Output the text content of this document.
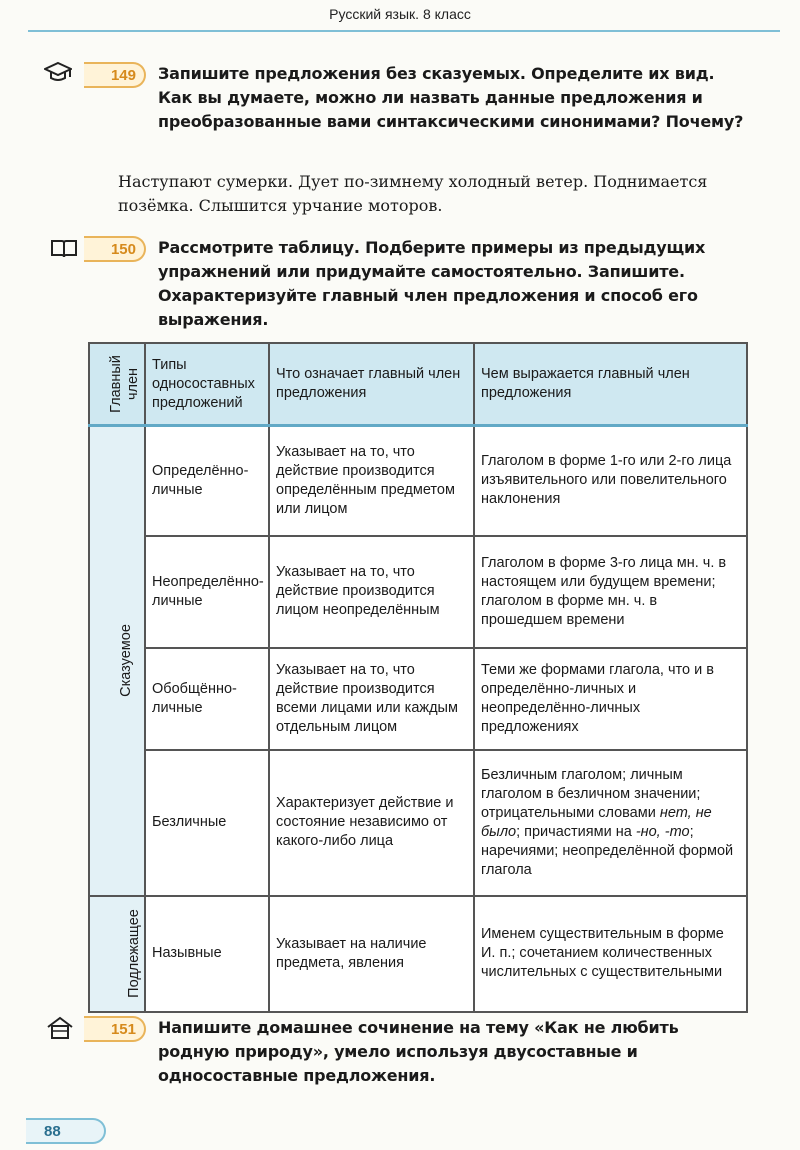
Русский язык. 8 класс
149	Запишите предложения без сказуемых. Определите их вид. Как вы думаете, можно ли назвать данные предложения и преобразованные вами синтаксическими синонимами? Почему?
Наступают сумерки. Дует по-зимнему холодный ветер. Поднимается позёмка. Слышится урчание моторов.
150	Рассмотрите таблицу. Подберите примеры из предыдущих упражнений или придумайте самостоятельно. Запишите. Охарактеризуйте главный член предложения и способ его выражения.
Главный член	Типы односоставных предложений	Что означает главный член предложения	Чем выражается главный член предложения
Сказуемое	Определённо-личные	Указывает на то, что действие производится определённым предметом или лицом	Глаголом в форме 1-го или 2-го лица изъявительного или повелительного наклонения
	Неопределённо-личные	Указывает на то, что действие производится лицом неопределённым	Глаголом в форме 3-го лица мн. ч. в настоящем или будущем времени; глаголом в форме мн. ч. в прошедшем времени
	Обобщённо-личные	Указывает на то, что действие производится всеми лицами или каждым отдельным лицом	Теми же формами глагола, что и в определённо-личных и неопределённо-личных предложениях
	Безличные	Характеризует действие и состояние независимо от какого-либо лица	Безличным глаголом; личным глаголом в безличном значении; отрицательными словами нет, не было; причастиями на -но, -то; наречиями; неопределённой формой глагола
Подлежащее	Назывные	Указывает на наличие предмета, явления	Именем существительным в форме И. п.; сочетанием количественных числительных с существительными
151	Напишите домашнее сочинение на тему «Как не любить родную природу», умело используя двусоставные и односоставные предложения.
88
